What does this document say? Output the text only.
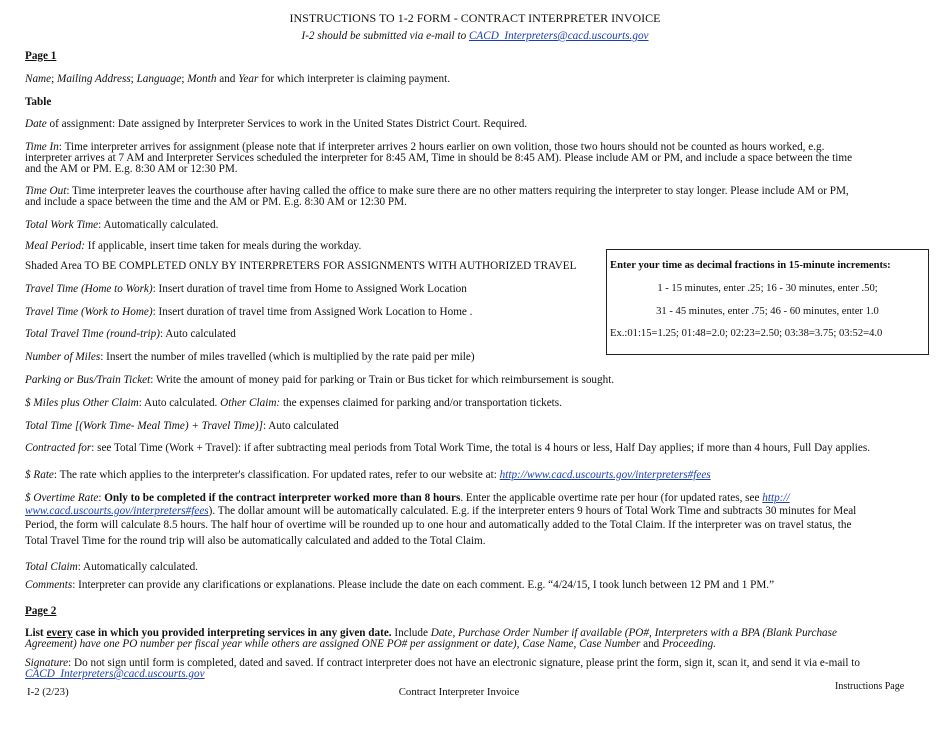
INSTRUCTIONS TO 1-2 FORM - CONTRACT INTERPRETER INVOICE
I-2 should be submitted via e-mail to CACD_Interpreters@cacd.uscourts.gov
Page 1
Name; Mailing Address; Language; Month and Year for which interpreter is claiming payment.
Table
Date of assignment: Date assigned by Interpreter Services to work in the United States District Court. Required.
Time In: Time interpreter arrives for assignment (please note that if interpreter arrives 2 hours earlier on own volition, those two hours should not be counted as hours worked, e.g.
interpreter arrives at 7 AM and Interpreter Services scheduled the interpreter for 8:45 AM, Time in should be 8:45 AM). Please include AM or PM, and include a space between the time
and the AM or PM. E.g. 8:30 AM or 12:30 PM.
Time Out: Time interpreter leaves the courthouse after having called the office to make sure there are no other matters requiring the interpreter to stay longer. Please include AM or PM,
and include a space between the time and the AM or PM. E.g. 8:30 AM or 12:30 PM.
Total Work Time: Automatically calculated.
Meal Period: If applicable, insert time taken for meals during the workday.
Shaded Area TO BE COMPLETED ONLY BY INTERPRETERS FOR ASSIGNMENTS WITH AUTHORIZED TRAVEL
Travel Time (Home to Work): Insert duration of travel time from Home to Assigned Work Location
Travel Time (Work to Home): Insert duration of travel time from Assigned Work Location to Home .
Total Travel Time (round-trip): Auto calculated
Number of Miles: Insert the number of miles travelled (which is multiplied by the rate paid per mile)
Parking or Bus/Train Ticket: Write the amount of money paid for parking or Train or Bus ticket for which reimbursement is sought.
$ Miles plus Other Claim: Auto calculated. Other Claim: the expenses claimed for parking and/or transportation tickets.
Total Time [(Work Time- Meal Time) + Travel Time)]: Auto calculated
Contracted for: see Total Time (Work + Travel): if after subtracting meal periods from Total Work Time, the total is 4 hours or less, Half Day applies; if more than 4 hours, Full Day applies.
$ Rate: The rate which applies to the interpreter's classification. For updated rates, refer to our website at: http://www.cacd.uscourts.gov/interpreters#fees
$ Overtime Rate: Only to be completed if the contract interpreter worked more than 8 hours. Enter the applicable overtime rate per hour (for updated rates, see http://
www.cacd.uscourts.gov/interpreters#fees). The dollar amount will be automatically calculated. E.g. if the interpreter enters 9 hours of Total Work Time and subtracts 30 minutes for Meal
Period, the form will calculate 8.5 hours. The half hour of overtime will be rounded up to one hour and automatically added to the Total Claim. If the interpreter was on travel status, the
Total Travel Time for the round trip will also be automatically calculated and added to the Total Claim.
Total Claim: Automatically calculated.
Comments: Interpreter can provide any clarifications or explanations. Please include the date on each comment. E.g. “4/24/15, I took lunch between 12 PM and 1 PM.”
Page 2
List every case in which you provided interpreting services in any given date. Include Date, Purchase Order Number if available (PO#, Interpreters with a BPA (Blank Purchase
Agreement) have one PO number per fiscal year while others are assigned ONE PO# per assignment or date), Case Name, Case Number and Proceeding.
Signature: Do not sign until form is completed, dated and saved. If contract interpreter does not have an electronic signature, please print the form, sign it, scan it, and send it via e-mail to
CACD_Interpreters@cacd.uscourts.gov
Enter your time as decimal fractions in 15-minute increments:
1 - 15 minutes, enter .25; 16 - 30 minutes, enter .50;
31 - 45 minutes, enter .75; 46 - 60 minutes, enter 1.0
Ex.:01:15=1.25; 01:48=2.0; 02:23=2.50; 03:38=3.75; 03:52=4.0
I-2 (2/23)	Contract Interpreter Invoice	Instructions Page
